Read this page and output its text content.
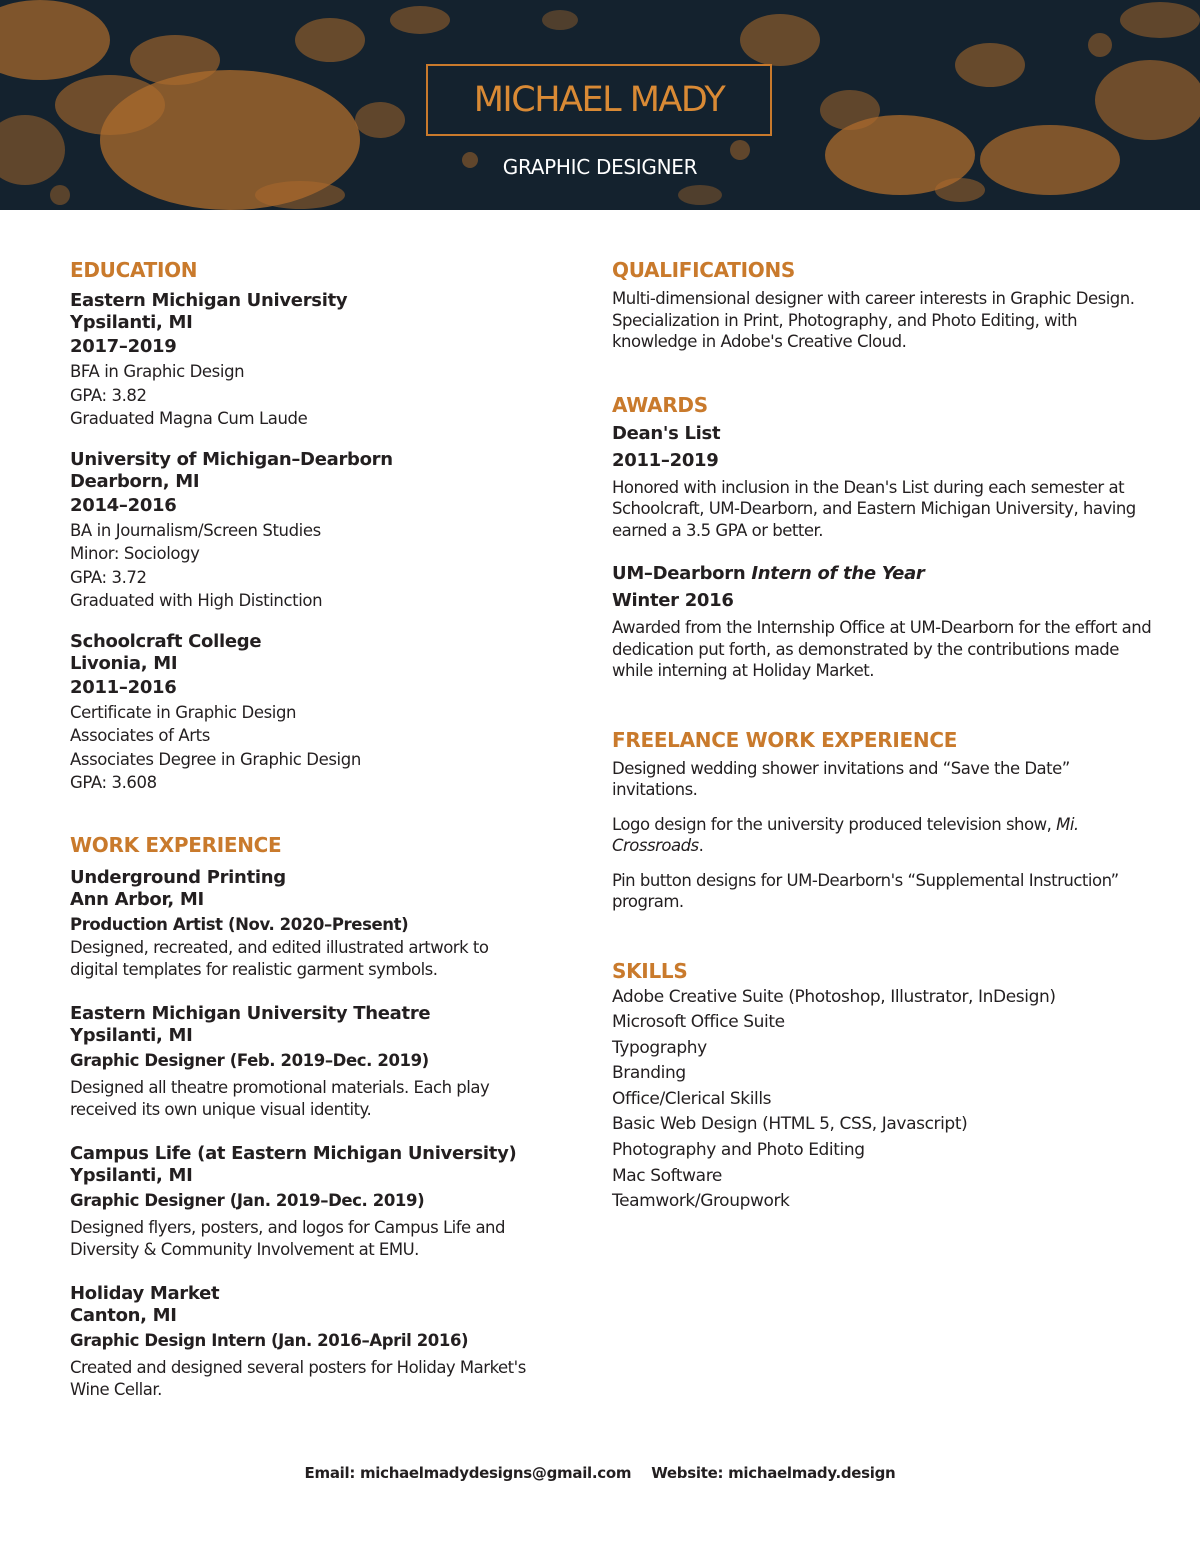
MICHAEL MADY
GRAPHIC DESIGNER
EDUCATION
Eastern Michigan University
Ypsilanti, MI
2017–2019
BFA in Graphic Design
GPA: 3.82
Graduated Magna Cum Laude
University of Michigan–Dearborn
Dearborn, MI
2014–2016
BA in Journalism/Screen Studies
Minor: Sociology
GPA: 3.72
Graduated with High Distinction
Schoolcraft College
Livonia, MI
2011–2016
Certificate in Graphic Design
Associates of Arts
Associates Degree in Graphic Design
GPA: 3.608
WORK EXPERIENCE
Underground Printing
Ann Arbor, MI
Production Artist (Nov. 2020–Present)
Designed, recreated, and edited illustrated artwork to digital templates for realistic garment symbols.
Eastern Michigan University Theatre
Ypsilanti, MI
Graphic Designer (Feb. 2019–Dec. 2019)
Designed all theatre promotional materials. Each play received its own unique visual identity.
Campus Life (at Eastern Michigan University)
Ypsilanti, MI
Graphic Designer (Jan. 2019–Dec. 2019)
Designed flyers, posters, and logos for Campus Life and Diversity & Community Involvement at EMU.
Holiday Market
Canton, MI
Graphic Design Intern (Jan. 2016–April 2016)
Created and designed several posters for Holiday Market's Wine Cellar.
QUALIFICATIONS
Multi-dimensional designer with career interests in Graphic Design. Specialization in Print, Photography, and Photo Editing, with knowledge in Adobe's Creative Cloud.
AWARDS
Dean's List
2011–2019
Honored with inclusion in the Dean's List during each semester at Schoolcraft, UM-Dearborn, and Eastern Michigan University, having earned a 3.5 GPA or better.
UM–Dearborn Intern of the Year
Winter 2016
Awarded from the Internship Office at UM-Dearborn for the effort and dedication put forth, as demonstrated by the contributions made while interning at Holiday Market.
FREELANCE WORK EXPERIENCE
Designed wedding shower invitations and “Save the Date” invitations.
Logo design for the university produced television show, Mi. Crossroads.
Pin button designs for UM-Dearborn's “Supplemental Instruction” program.
SKILLS
Adobe Creative Suite (Photoshop, Illustrator, InDesign)
Microsoft Office Suite
Typography
Branding
Office/Clerical Skills
Basic Web Design (HTML 5, CSS, Javascript)
Photography and Photo Editing
Mac Software
Teamwork/Groupwork
Email: michaelmadydesigns@gmail.com Website: michaelmady.design
